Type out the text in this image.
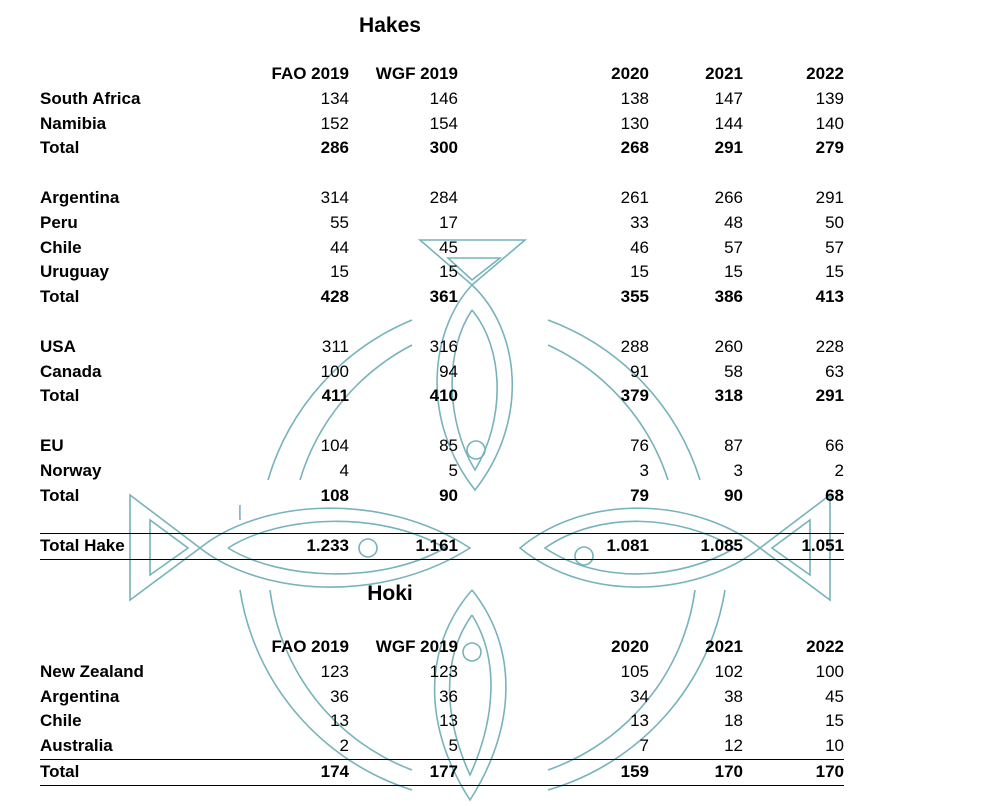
Hakes
	FAO 2019	WGF 2019	2020	2021	2022
South Africa	134	146	138	147	139
Namibia	152	154	130	144	140
Total	286	300	268	291	279

Argentina	314	284	261	266	291
Peru	55	17	33	48	50
Chile	44	45	46	57	57
Uruguay	15	15	15	15	15
Total	428	361	355	386	413

USA	311	316	288	260	228
Canada	100	94	91	58	63
Total	411	410	379	318	291

EU	104	85	76	87	66
Norway	4	5	3	3	2
Total	108	90	79	90	68

Total Hake	1.233	1.161	1.081	1.085	1.051
Hoki
	FAO 2019	WGF 2019	2020	2021	2022
New Zealand	123	123	105	102	100
Argentina	36	36	34	38	45
Chile	13	13	13	18	15
Australia	2	5	7	12	10
Total	174	177	159	170	170
